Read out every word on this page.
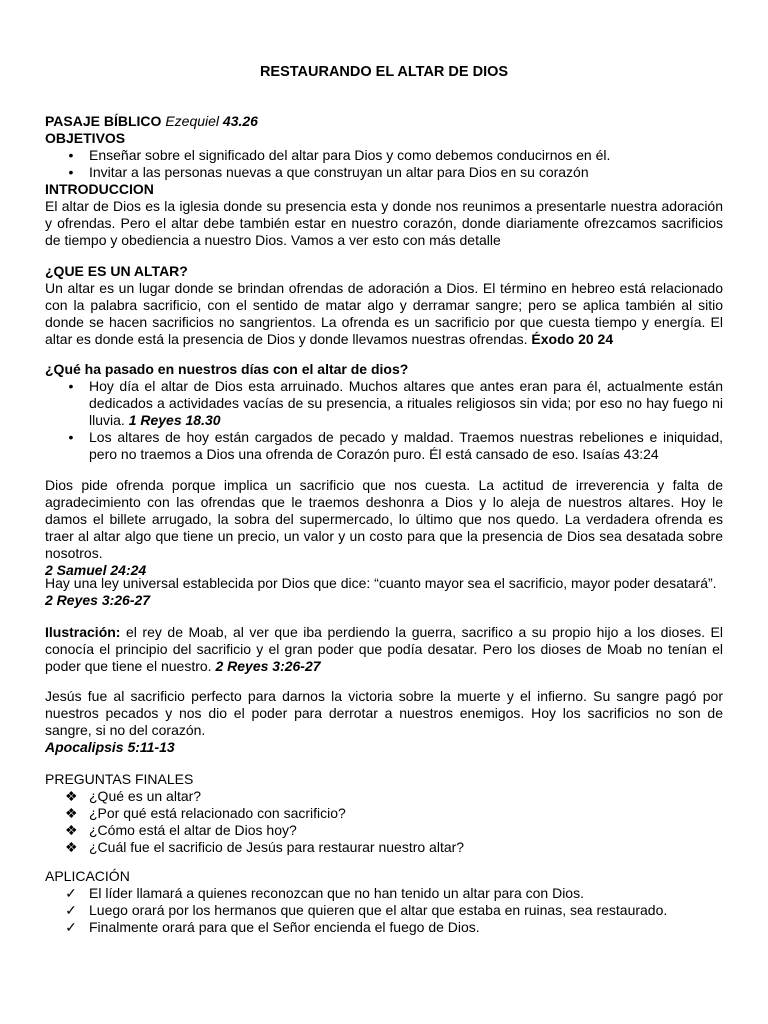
RESTAURANDO EL ALTAR DE DIOS
PASAJE BÍBLICO Ezequiel 43.26
OBJETIVOS
• Enseñar sobre el significado del altar para Dios y como debemos conducirnos en él.
• Invitar a las personas nuevas a que construyan un altar para Dios en su corazón
INTRODUCCION
El altar de Dios es la iglesia donde su presencia esta y donde nos reunimos a presentarle nuestra adoración y ofrendas. Pero el altar debe también estar en nuestro corazón, donde diariamente ofrezcamos sacrificios de tiempo y obediencia a nuestro Dios. Vamos a ver esto con más detalle
¿QUE ES UN ALTAR?
Un altar es un lugar donde se brindan ofrendas de adoración a Dios. El término en hebreo está relacionado con la palabra sacrificio, con el sentido de matar algo y derramar sangre; pero se aplica también al sitio donde se hacen sacrificios no sangrientos. La ofrenda es un sacrificio por que cuesta tiempo y energía. El altar es donde está la presencia de Dios y donde llevamos nuestras ofrendas. Éxodo 20 24
¿Qué ha pasado en nuestros días con el altar de dios?
• Hoy día el altar de Dios esta arruinado. Muchos altares que antes eran para él, actualmente están dedicados a actividades vacías de su presencia, a rituales religiosos sin vida; por eso no hay fuego ni lluvia. 1 Reyes 18.30
• Los altares de hoy están cargados de pecado y maldad. Traemos nuestras rebeliones e iniquidad, pero no traemos a Dios una ofrenda de Corazón puro. Él está cansado de eso. Isaías 43:24
Dios pide ofrenda porque implica un sacrificio que nos cuesta. La actitud de irreverencia y falta de agradecimiento con las ofrendas que le traemos deshonra a Dios y lo aleja de nuestros altares. Hoy le damos el billete arrugado, la sobra del supermercado, lo último que nos quedo. La verdadera ofrenda es traer al altar algo que tiene un precio, un valor y un costo para que la presencia de Dios sea desatada sobre nosotros.
2 Samuel 24:24
Hay una ley universal establecida por Dios que dice: “cuanto mayor sea el sacrificio, mayor poder desatará”.
2 Reyes 3:26-27
Ilustración: el rey de Moab, al ver que iba perdiendo la guerra, sacrifico a su propio hijo a los dioses. El conocía el principio del sacrificio y el gran poder que podía desatar. Pero los dioses de Moab no tenían el poder que tiene el nuestro. 2 Reyes 3:26-27
Jesús fue al sacrificio perfecto para darnos la victoria sobre la muerte y el infierno. Su sangre pagó por nuestros pecados y nos dio el poder para derrotar a nuestros enemigos. Hoy los sacrificios no son de sangre, si no del corazón.
Apocalipsis 5:11-13
PREGUNTAS FINALES
❖ ¿Qué es un altar?
❖ ¿Por qué está relacionado con sacrificio?
❖ ¿Cómo está el altar de Dios hoy?
❖ ¿Cuál fue el sacrificio de Jesús para restaurar nuestro altar?
APLICACIÓN
✓ El líder llamará a quienes reconozcan que no han tenido un altar para con Dios.
✓ Luego orará por los hermanos que quieren que el altar que estaba en ruinas, sea restaurado.
✓ Finalmente orará para que el Señor encienda el fuego de Dios.
